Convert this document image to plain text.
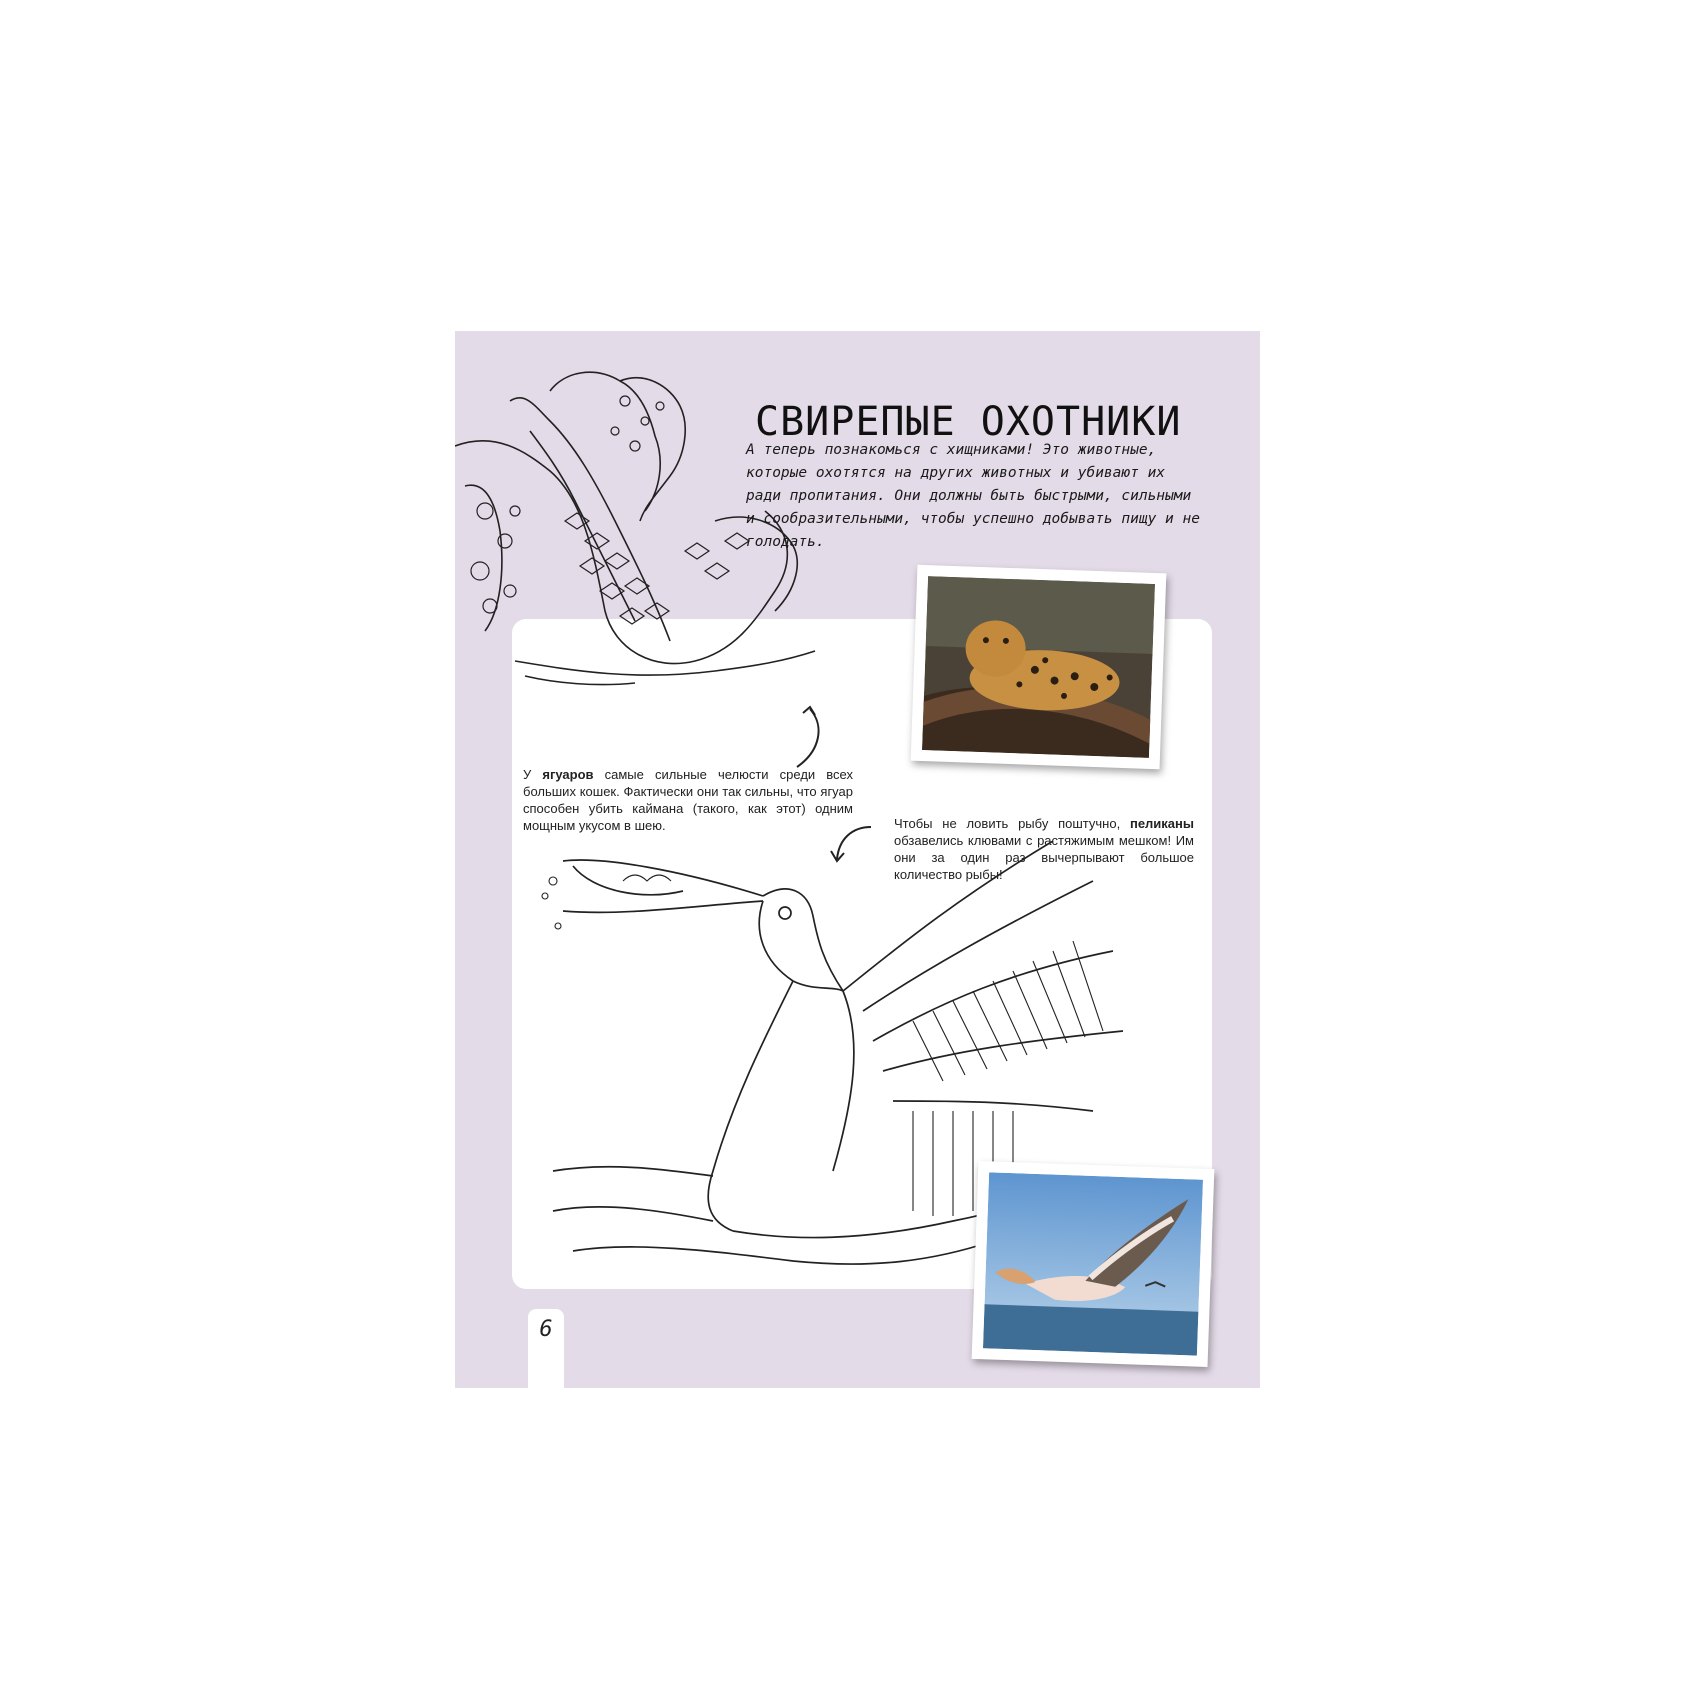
СВИРЕПЫЕ ОХОТНИКИ
А теперь познакомься с хищниками! Это животные, которые охотятся на других животных и убивают их ради пропитания. Они должны быть быстрыми, сильными и сообразительными, чтобы успешно добывать пищу и не голодать.
У ягуаров самые сильные челюсти среди всех больших кошек. Фактически они так сильны, что ягуар способен убить каймана (такого, как этот) одним мощным укусом в шею.	Чтобы не ловить рыбу поштучно, пеликаны обзавелись клювами с растяжимым мешком! Им они за один раз вычерпывают большое количество рыбы!
6
